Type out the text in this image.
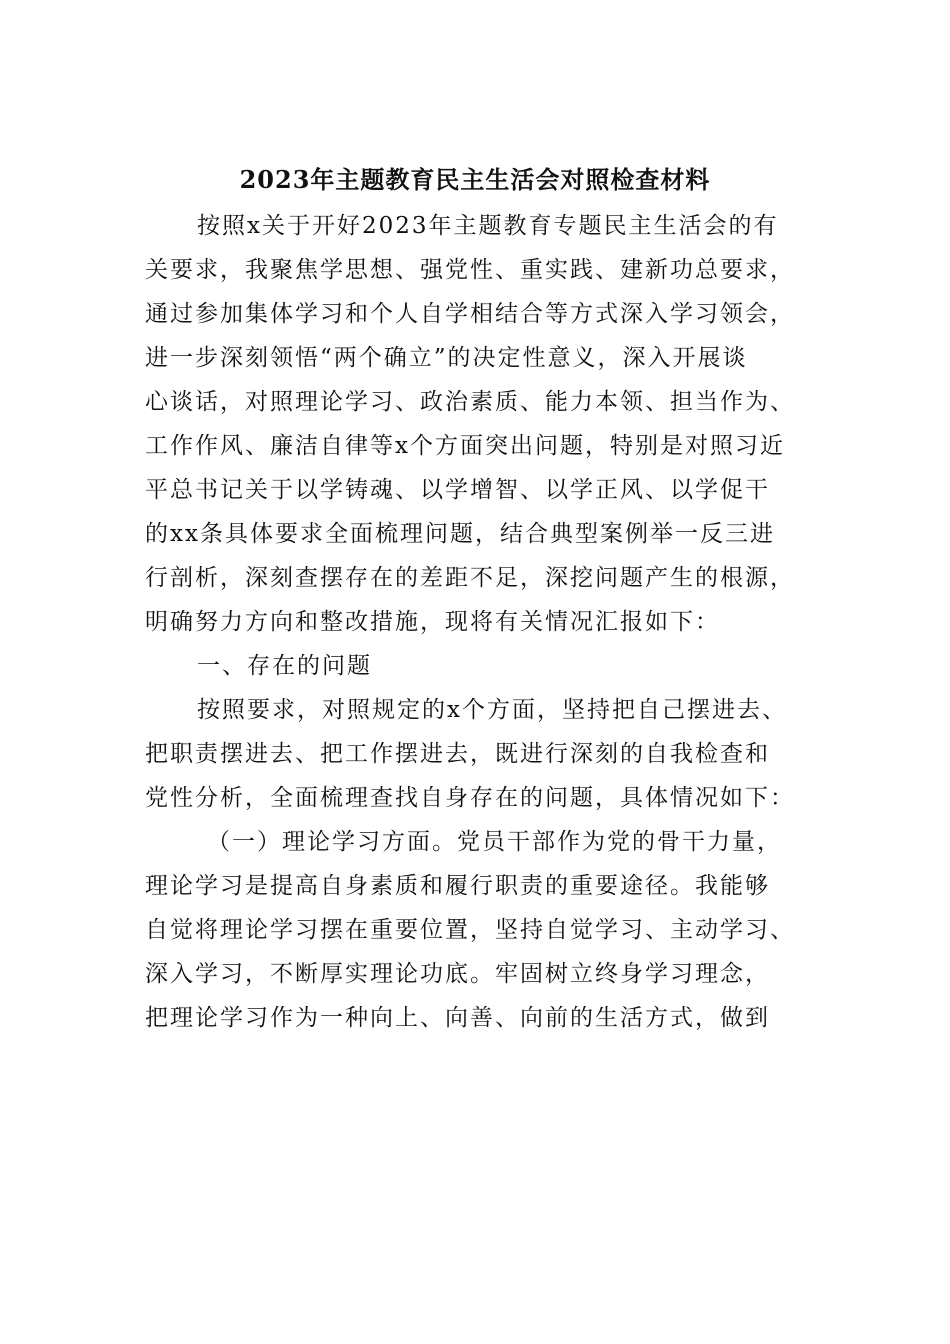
2023年主题教育民主生活会对照检查材料

按照x关于开好2023年主题教育专题民主生活会的有

关要求，我聚焦学思想、强党性、重实践、建新功总要求，

通过参加集体学习和个人自学相结合等方式深入学习领会，

进一步深刻领悟“两个确立”的决定性意义，深入开展谈

心谈话，对照理论学习、政治素质、能力本领、担当作为、

工作作风、廉洁自律等x个方面突出问题，特别是对照习近

平总书记关于以学铸魂、以学增智、以学正风、以学促干

的xx条具体要求全面梳理问题，结合典型案例举一反三进

行剖析，深刻查摆存在的差距不足，深挖问题产生的根源，

明确努力方向和整改措施，现将有关情况汇报如下：

一、存在的问题

按照要求，对照规定的x个方面，坚持把自己摆进去、

把职责摆进去、把工作摆进去，既进行深刻的自我检查和

党性分析，全面梳理查找自身存在的问题，具体情况如下：

（一）理论学习方面。党员干部作为党的骨干力量，

理论学习是提高自身素质和履行职责的重要途径。我能够

自觉将理论学习摆在重要位置，坚持自觉学习、主动学习、

深入学习，不断厚实理论功底。牢固树立终身学习理念，

把理论学习作为一种向上、向善、向前的生活方式，做到
